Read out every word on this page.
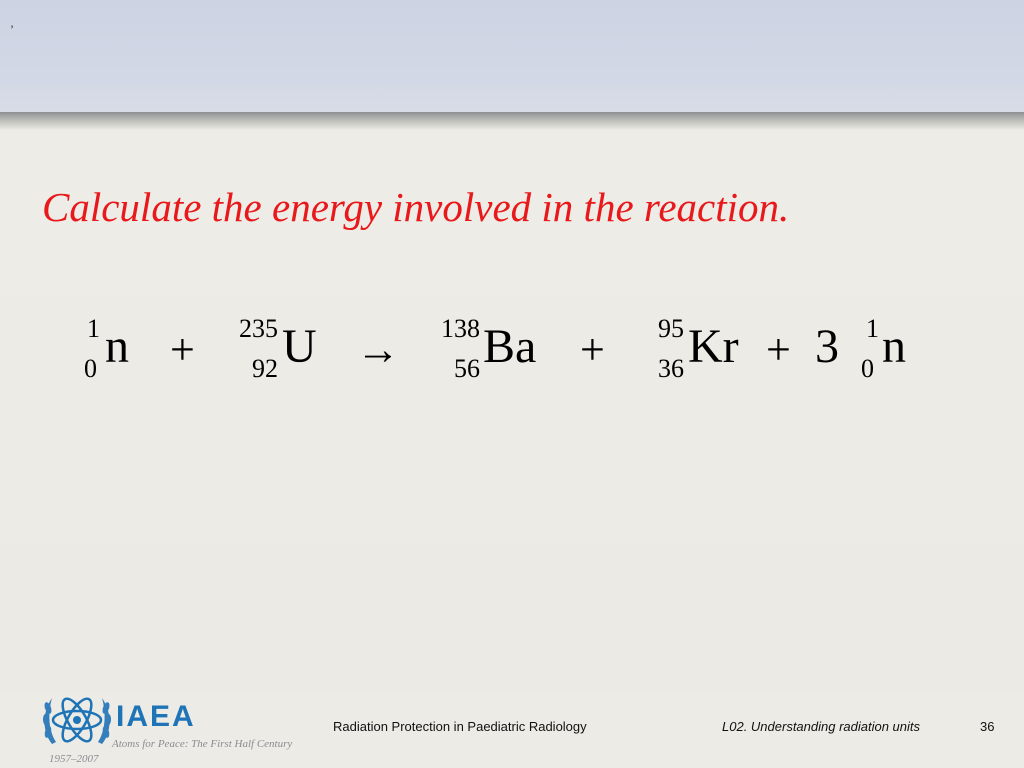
’
Calculate the energy involved in the reaction.
1
0 n +	235
92 U →	138
56 Ba +	95
36 Kr + 3 1
0 n
IAEA
Atoms for Peace: The First Half Century
1957–2007
Radiation Protection in Paediatric Radiology	L02. Understanding radiation units	36
